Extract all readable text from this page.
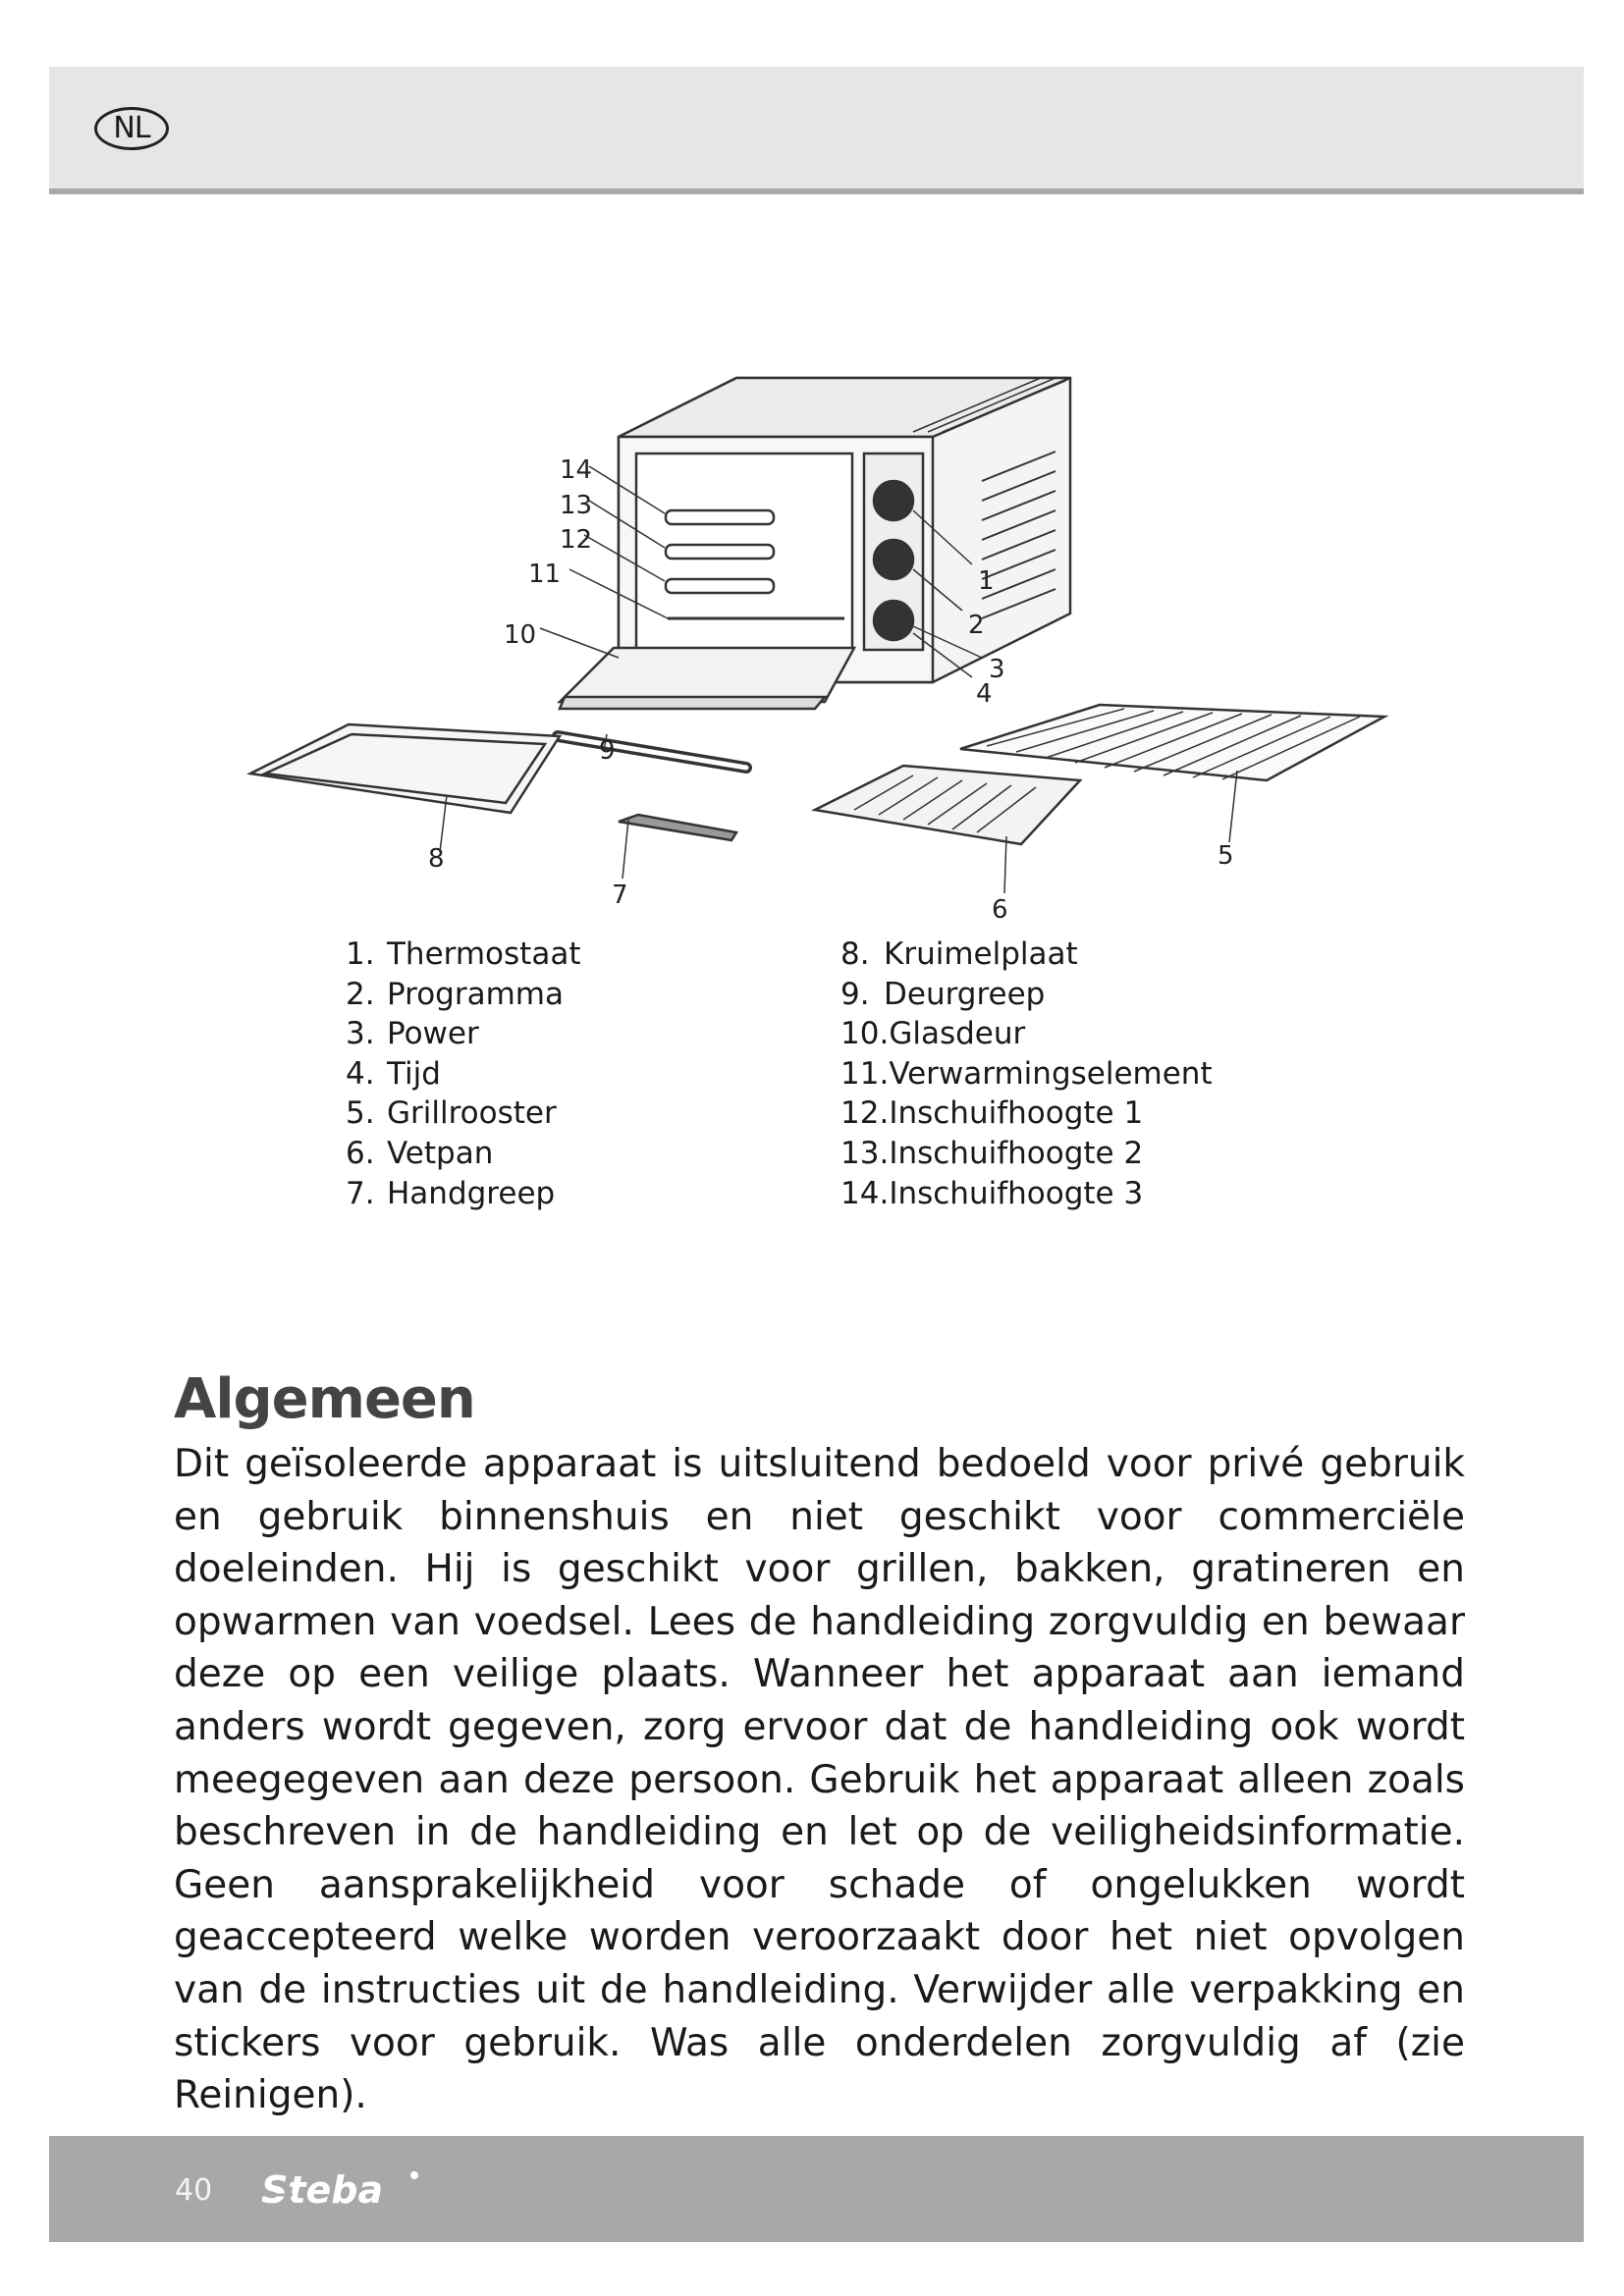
NL
1
2
3
4
5
6
7
8
9
10
11
12
13
14
1. Thermostaat
2. Programma
3. Power
4. Tijd
5. Grillrooster
6. Vetpan
7. Handgreep
8. Kruimelplaat
9. Deurgreep
10.Glasdeur
11.Verwarmingselement
12.Inschuifhoogte 1
13.Inschuifhoogte 2
14.Inschuifhoogte 3
Algemeen

Dit geïsoleerde apparaat is uitsluitend bedoeld voor privé gebruik en gebruik binnenshuis en niet geschikt voor commerciële doeleinden. Hij is geschikt voor grillen, bakken, gratineren en opwarmen van voedsel. Lees de handleiding zorgvuldig en bewaar deze op een veilige plaats. Wanneer het apparaat aan iemand anders wordt gegeven, zorg ervoor dat de handleiding ook wordt meegegeven aan deze persoon. Gebruik het apparaat alleen zoals beschreven in de handleiding en let op de veiligheidsinformatie. Geen aansprakelijkheid voor schade of ongelukken wordt geaccepteerd welke worden veroorzaakt door het niet opvolgen van de instructies uit de handleiding. Verwijder alle verpakking en stickers voor gebruik. Was alle onderdelen zorgvuldig af (zie Reinigen).

40 Steba
